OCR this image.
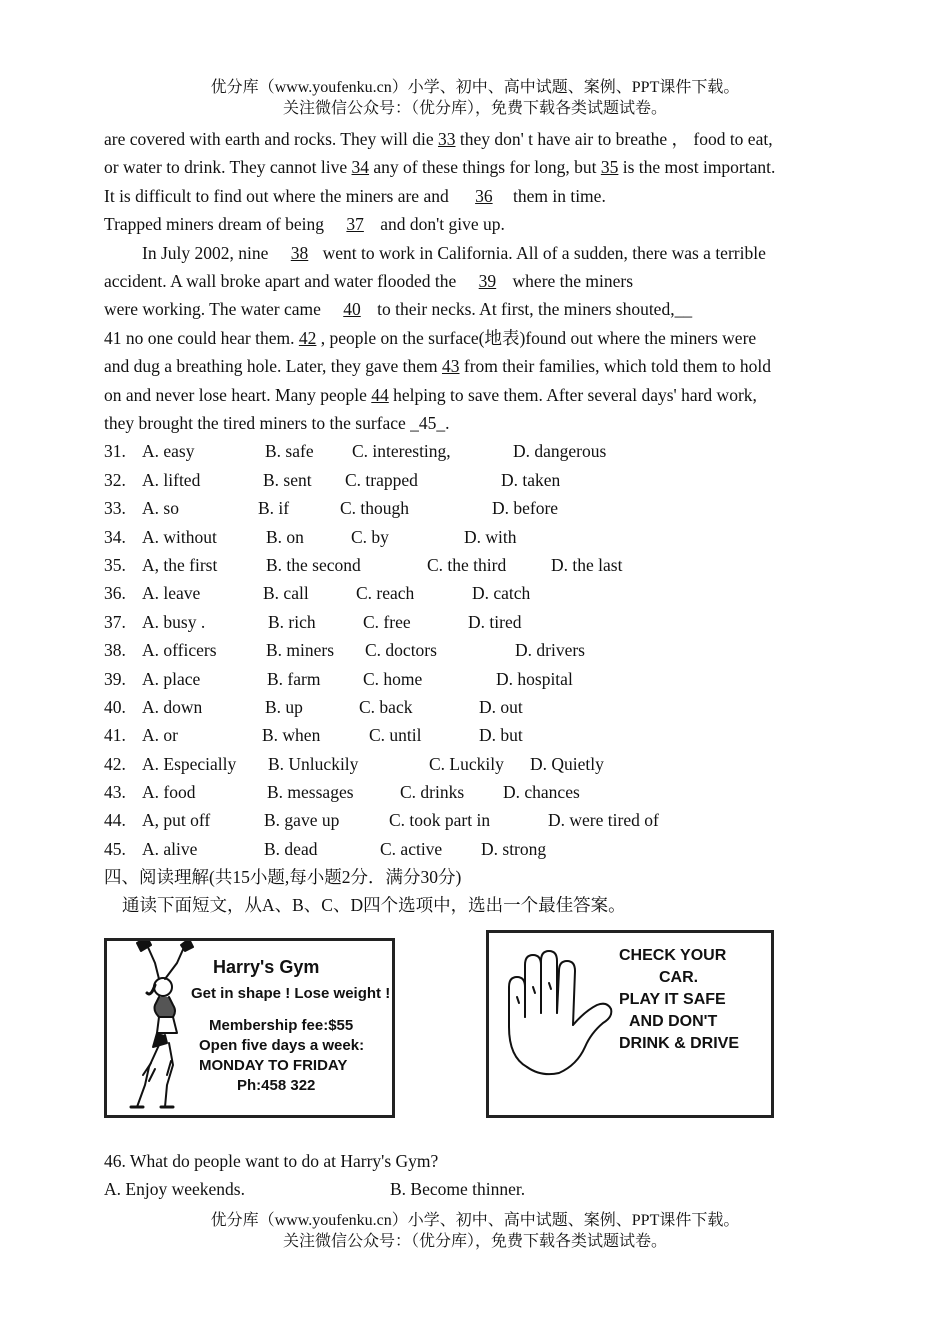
优分库（www.youfenku.cn）小学、初中、高中试题、案例、PPT课件下载。
关注微信公众号：（优分库），免费下载各类试题试卷。
are covered with earth and rocks. They will die 33 they don' t have air to breathe ， food to eat,
or water to drink. They cannot live 34 any of these things for long, but 35 is the most important.
It is difficult to find out where the miners are and 36 them in time.
Trapped miners dream of being 37 and don't give up.
In July 2002, nine 38 went to work in California. All of a sudden, there was a terrible
accident. A wall broke apart and water flooded the 39 where the miners
were working. The water came 40 to their necks. At first, the miners shouted,__
41 no one could hear them. 42 , people on the surface(地表)found out where the miners were
and dug a breathing hole. Later, they gave them 43 from their families, which told them to hold
on and never lose heart. Many people 44 helping to save them. After several days' hard work,
they brought the tired miners to the surface _45_.
31. A. easy	B. safe C. interesting,	D. dangerous
32. A. lifted	B. sent C. trapped	D. taken
33. A. so	B. if	C. though	D. before
34. A. without	B. on	C. by	D. with
35. A, the first	B. the second	C. the third	D. the last
36. A. leave	B. call	C. reach	D. catch
37. A. busy .	B. rich	C. free	D. tired
38. A. officers	B. miners C. doctors	D. drivers
39. A. place	B. farm C. home	D. hospital
40. A. down	B. up	C. back	D. out
41. A. or	B. when	C. until	D. but
42. A. Especially B. Unluckily	C. Luckily D. Quietly
43. A. food	B. messages	C. drinks D. chances
44. A, put off	B. gave up	C. took part in	D. were tired of
45. A. alive	B. dead	C. active D. strong
四、阅读理解(共15小题,每小题2分．满分30分)
通读下面短文，从A、B、C、D四个选项中，选出一个最佳答案。
Harry's Gym
Get in shape ! Lose weight !
Membership fee:$55
Open five days a week:
MONDAY TO FRIDAY
Ph:458 322
CHECK YOUR
CAR.
PLAY IT SAFE
AND DON'T
DRINK & DRIVE
46. What do people want to do at Harry's Gym?
A. Enjoy weekends.	B. Become thinner.
优分库（www.youfenku.cn）小学、初中、高中试题、案例、PPT课件下载。
关注微信公众号：（优分库），免费下载各类试题试卷。
